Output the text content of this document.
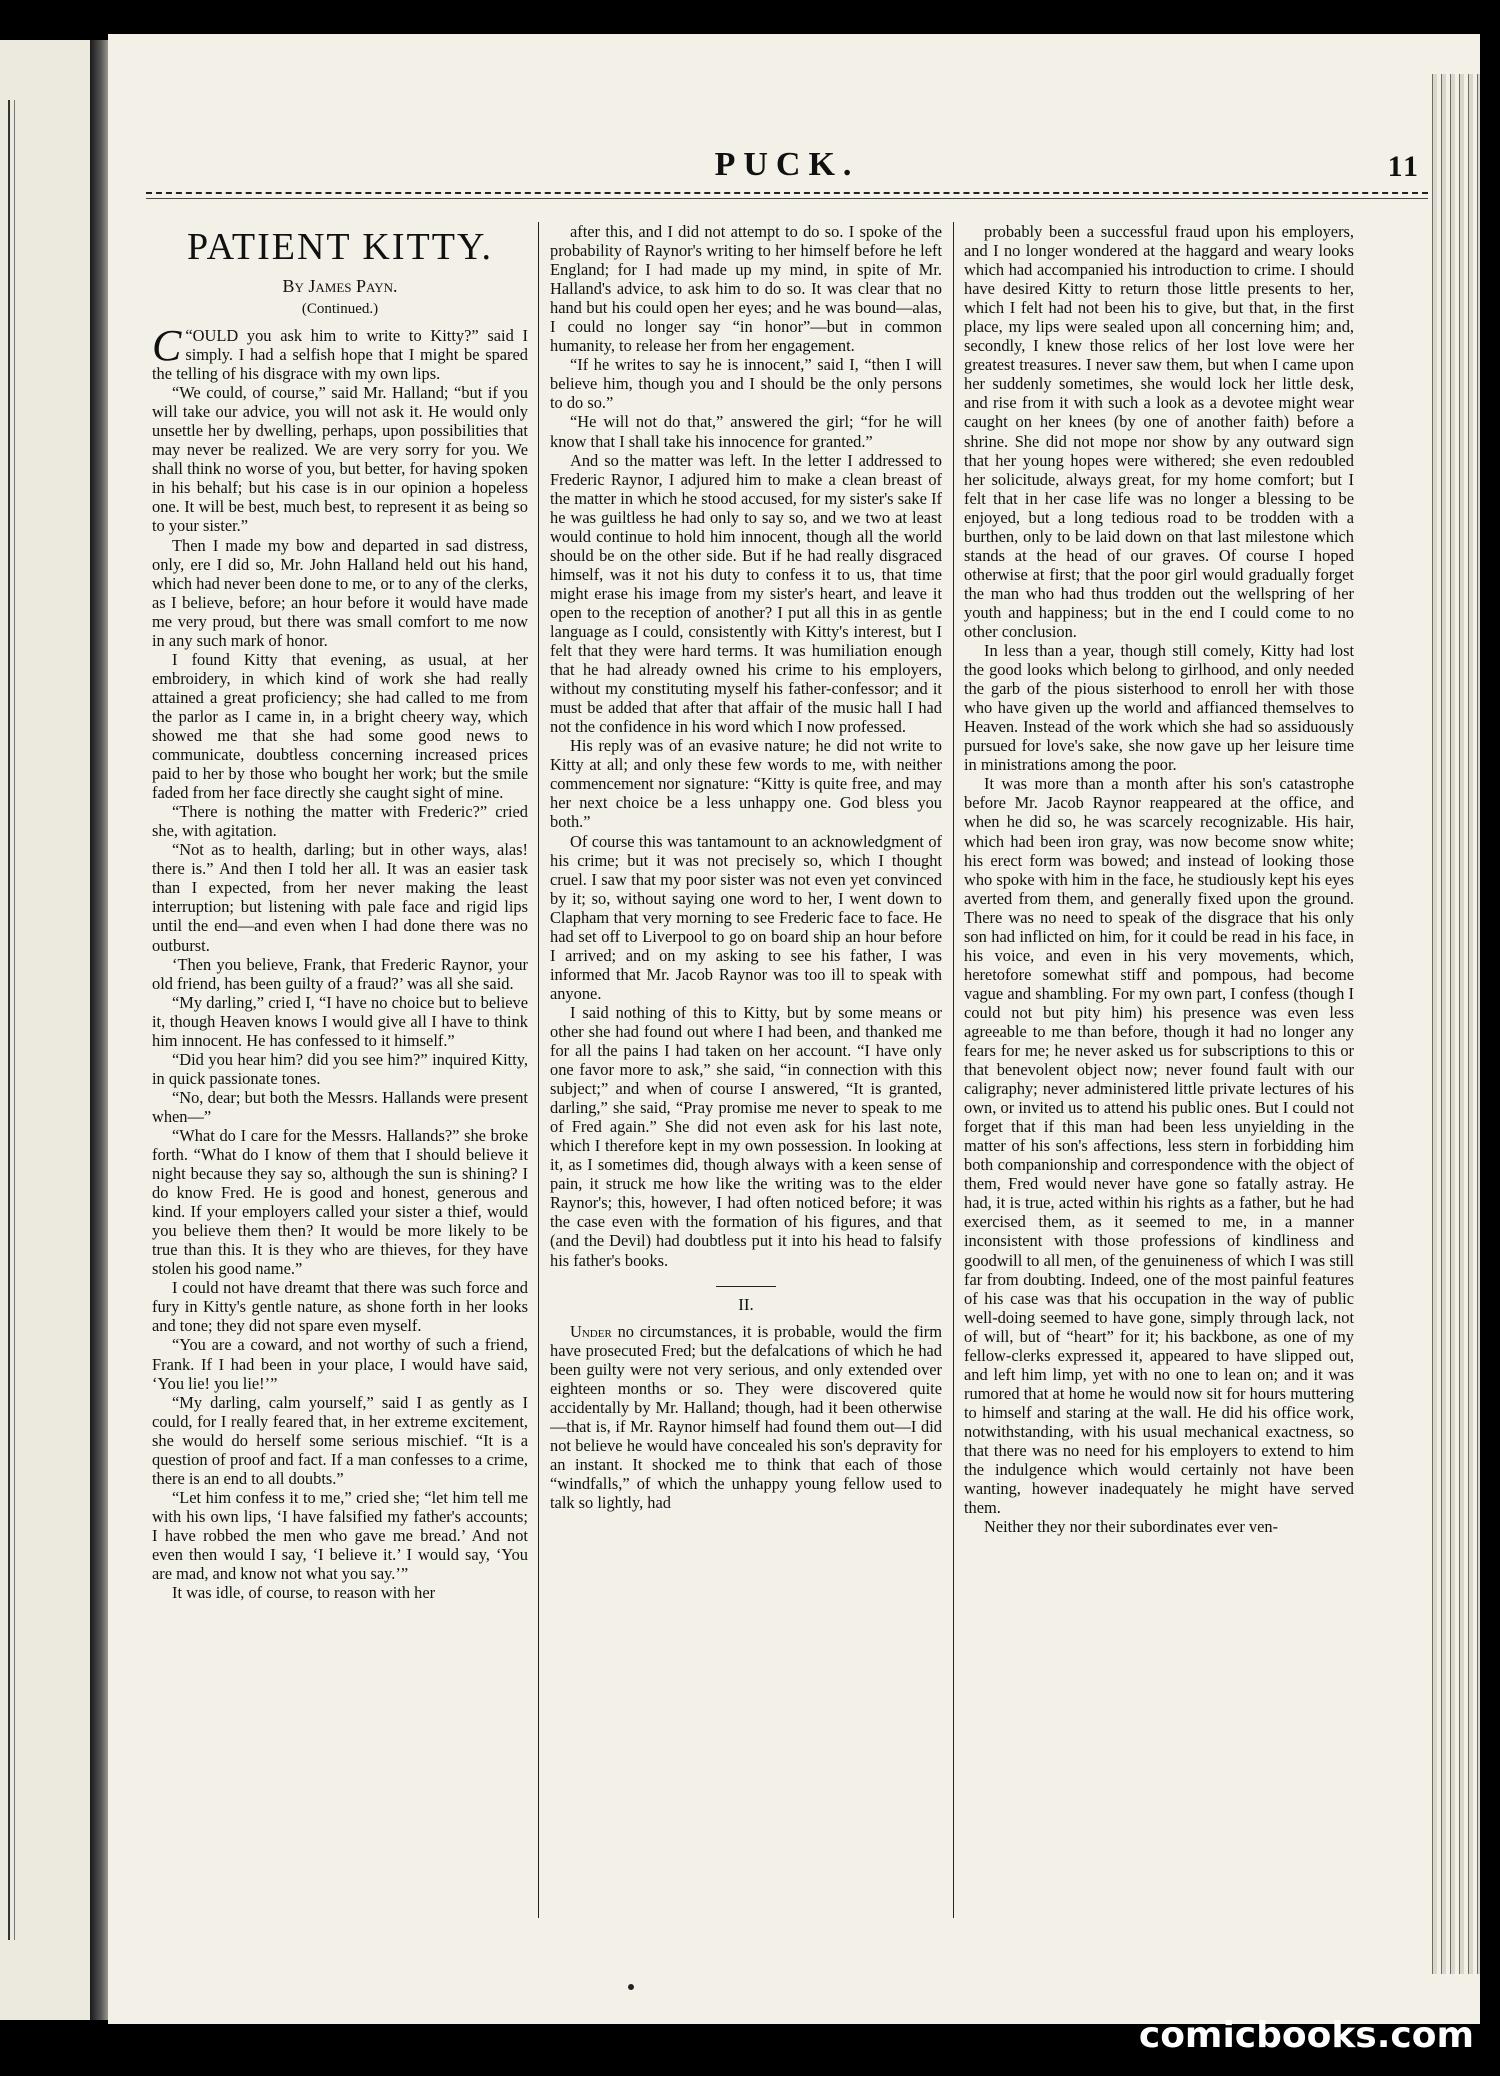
PUCK.	11
PATIENT KITTY.
By James Payn.
(Continued.)

“
C OULD you ask him to write to Kitty?” said I simply. I had a selfish hope that I might be spared the telling of his disgrace with my own lips.

“We could, of course,” said Mr. Halland; “but if you will take our advice, you will not ask it. He would only unsettle her by dwelling, perhaps, upon possibilities that may never be realized. We are very sorry for you. We shall think no worse of you, but better, for having spoken in his behalf; but his case is in our opinion a hopeless one. It will be best, much best, to represent it as being so to your sister.”

Then I made my bow and departed in sad distress, only, ere I did so, Mr. John Halland held out his hand, which had never been done to me, or to any of the clerks, as I believe, before; an hour before it would have made me very proud, but there was small comfort to me now in any such mark of honor.

I found Kitty that evening, as usual, at her embroidery, in which kind of work she had really attained a great proficiency; she had called to me from the parlor as I came in, in a bright cheery way, which showed me that she had some good news to communicate, doubtless concerning increased prices paid to her by those who bought her work; but the smile faded from her face directly she caught sight of mine.

“There is nothing the matter with Frederic?” cried she, with agitation.

“Not as to health, darling; but in other ways, alas! there is.” And then I told her all. It was an easier task than I expected, from her never making the least interruption; but listening with pale face and rigid lips until the end—and even when I had done there was no outburst.

‘Then you believe, Frank, that Frederic Raynor, your old friend, has been guilty of a fraud?’ was all she said.

“My darling,” cried I, “I have no choice but to believe it, though Heaven knows I would give all I have to think him innocent. He has confessed to it himself.”

“Did you hear him? did you see him?” inquired Kitty, in quick passionate tones.

“No, dear; but both the Messrs. Hallands were present when—”

“What do I care for the Messrs. Hallands?” she broke forth. “What do I know of them that I should believe it night because they say so, although the sun is shining? I do know Fred. He is good and honest, generous and kind. If your employers called your sister a thief, would you believe them then? It would be more likely to be true than this. It is they who are thieves, for they have stolen his good name.”

I could not have dreamt that there was such force and fury in Kitty's gentle nature, as shone forth in her looks and tone; they did not spare even myself.

“You are a coward, and not worthy of such a friend, Frank. If I had been in your place, I would have said, ‘You lie! you lie!’”

“My darling, calm yourself,” said I as gently as I could, for I really feared that, in her extreme excitement, she would do herself some serious mischief. “It is a question of proof and fact. If a man confesses to a crime, there is an end to all doubts.”

“Let him confess it to me,” cried she; “let him tell me with his own lips, ‘I have falsified my father's accounts; I have robbed the men who gave me bread.’ And not even then would I say, ‘I believe it.’ I would say, ‘You are mad, and know not what you say.’”

It was idle, of course, to reason with her

after this, and I did not attempt to do so. I spoke of the probability of Raynor's writing to her himself before he left England; for I had made up my mind, in spite of Mr. Halland's advice, to ask him to do so. It was clear that no hand but his could open her eyes; and he was bound—alas, I could no longer say “in honor”—but in common humanity, to release her from her engagement.

“If he writes to say he is innocent,” said I, “then I will believe him, though you and I should be the only persons to do so.”

“He will not do that,” answered the girl; “for he will know that I shall take his innocence for granted.”

And so the matter was left. In the letter I addressed to Frederic Raynor, I adjured him to make a clean breast of the matter in which he stood accused, for my sister's sake If he was guiltless he had only to say so, and we two at least would continue to hold him innocent, though all the world should be on the other side. But if he had really disgraced himself, was it not his duty to confess it to us, that time might erase his image from my sister's heart, and leave it open to the reception of another? I put all this in as gentle language as I could, consistently with Kitty's interest, but I felt that they were hard terms. It was humiliation enough that he had already owned his crime to his employers, without my constituting myself his father-confessor; and it must be added that after that affair of the music hall I had not the confidence in his word which I now professed.

His reply was of an evasive nature; he did not write to Kitty at all; and only these few words to me, with neither commencement nor signature: “Kitty is quite free, and may her next choice be a less unhappy one. God bless you both.”

Of course this was tantamount to an acknowledgment of his crime; but it was not precisely so, which I thought cruel. I saw that my poor sister was not even yet convinced by it; so, without saying one word to her, I went down to Clapham that very morning to see Frederic face to face. He had set off to Liverpool to go on board ship an hour before I arrived; and on my asking to see his father, I was informed that Mr. Jacob Raynor was too ill to speak with anyone.

I said nothing of this to Kitty, but by some means or other she had found out where I had been, and thanked me for all the pains I had taken on her account. “I have only one favor more to ask,” she said, “in connection with this subject;” and when of course I answered, “It is granted, darling,” she said, “Pray promise me never to speak to me of Fred again.” She did not even ask for his last note, which I therefore kept in my own possession. In looking at it, as I sometimes did, though always with a keen sense of pain, it struck me how like the writing was to the elder Raynor's; this, however, I had often noticed before; it was the case even with the formation of his figures, and that (and the Devil) had doubtless put it into his head to falsify his father's books.

II.

Under no circumstances, it is probable, would the firm have prosecuted Fred; but the defalcations of which he had been guilty were not very serious, and only extended over eighteen months or so. They were discovered quite accidentally by Mr. Halland; though, had it been otherwise—that is, if Mr. Raynor himself had found them out—I did not believe he would have concealed his son's depravity for an instant. It shocked me to think that each of those “windfalls,” of which the unhappy young fellow used to talk so lightly, had

probably been a successful fraud upon his employers, and I no longer wondered at the haggard and weary looks which had accompanied his introduction to crime. I should have desired Kitty to return those little presents to her, which I felt had not been his to give, but that, in the first place, my lips were sealed upon all concerning him; and, secondly, I knew those relics of her lost love were her greatest treasures. I never saw them, but when I came upon her suddenly sometimes, she would lock her little desk, and rise from it with such a look as a devotee might wear caught on her knees (by one of another faith) before a shrine. She did not mope nor show by any outward sign that her young hopes were withered; she even redoubled her solicitude, always great, for my home comfort; but I felt that in her case life was no longer a blessing to be enjoyed, but a long tedious road to be trodden with a burthen, only to be laid down on that last milestone which stands at the head of our graves. Of course I hoped otherwise at first; that the poor girl would gradually forget the man who had thus trodden out the wellspring of her youth and happiness; but in the end I could come to no other conclusion.

In less than a year, though still comely, Kitty had lost the good looks which belong to girlhood, and only needed the garb of the pious sisterhood to enroll her with those who have given up the world and affianced themselves to Heaven. Instead of the work which she had so assiduously pursued for love's sake, she now gave up her leisure time in ministrations among the poor.

It was more than a month after his son's catastrophe before Mr. Jacob Raynor reappeared at the office, and when he did so, he was scarcely recognizable. His hair, which had been iron gray, was now become snow white; his erect form was bowed; and instead of looking those who spoke with him in the face, he studiously kept his eyes averted from them, and generally fixed upon the ground. There was no need to speak of the disgrace that his only son had inflicted on him, for it could be read in his face, in his voice, and even in his very movements, which, heretofore somewhat stiff and pompous, had become vague and shambling. For my own part, I confess (though I could not but pity him) his presence was even less agreeable to me than before, though it had no longer any fears for me; he never asked us for subscriptions to this or that benevolent object now; never found fault with our caligraphy; never administered little private lectures of his own, or invited us to attend his public ones. But I could not forget that if this man had been less unyielding in the matter of his son's affections, less stern in forbidding him both companionship and correspondence with the object of them, Fred would never have gone so fatally astray. He had, it is true, acted within his rights as a father, but he had exercised them, as it seemed to me, in a manner inconsistent with those professions of kindliness and goodwill to all men, of the genuineness of which I was still far from doubting. Indeed, one of the most painful features of his case was that his occupation in the way of public well-doing seemed to have gone, simply through lack, not of will, but of “heart” for it; his backbone, as one of my fellow-clerks expressed it, appeared to have slipped out, and left him limp, yet with no one to lean on; and it was rumored that at home he would now sit for hours muttering to himself and staring at the wall. He did his office work, notwithstanding, with his usual mechanical exactness, so that there was no need for his employers to extend to him the indulgence which would certainly not have been wanting, however inadequately he might have served them.

Neither they nor their subordinates ever ven-

comicbooks.com
